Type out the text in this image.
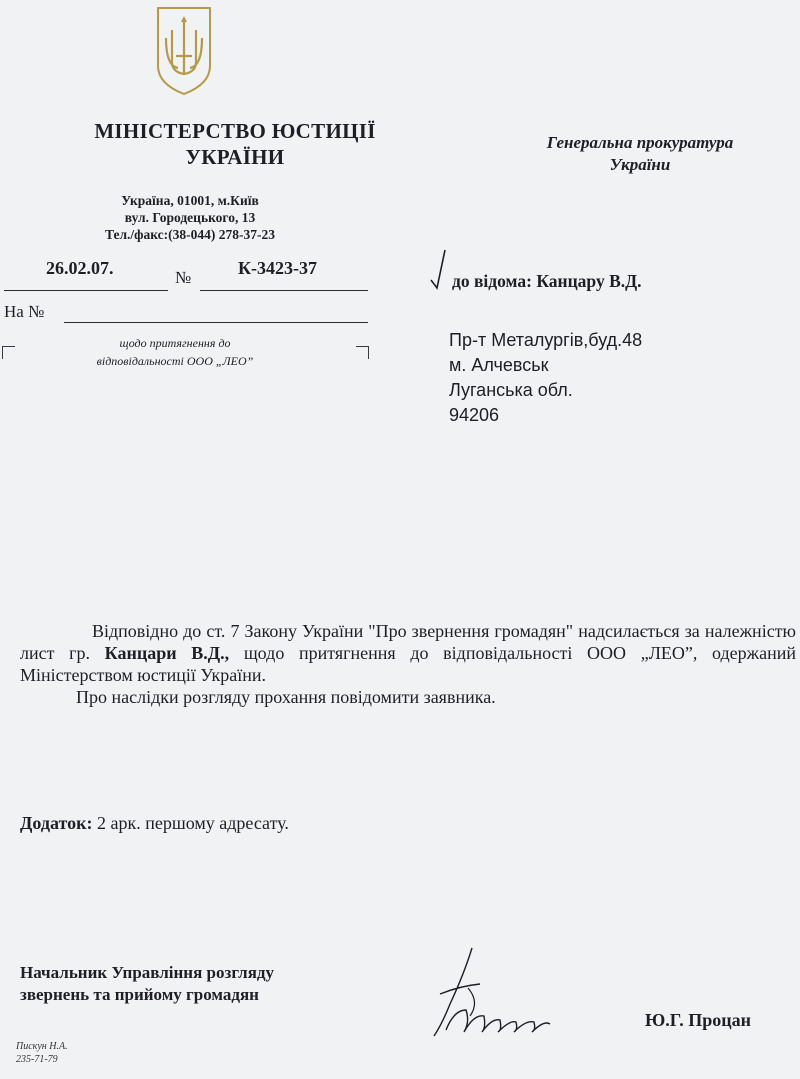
МІНІСТЕРСТВО ЮСТИЦІЇ
УКРАЇНИ
Україна, 01001, м.Київ
вул. Городецького, 13
Тел./факс:(38-044) 278-37-23
26.02.07.	№	К-3423-37
На №
щодо притягнення до
відповідальності ООО „ЛЕО”
Генеральна прокуратура
України
до відома: Канцару В.Д.
Пр-т Металургів,буд.48
м. Алчевськ
Луганська обл.
94206

Відповідно до ст. 7 Закону України "Про звернення громадян" надсилається за належністю лист гр. Канцари В.Д., щодо притягнення до відповідальності ООО „ЛЕО”, одержаний Міністерством юстиції України.

Про наслідки розгляду прохання повідомити заявника.

Додаток: 2 арк. першому адресату.
Начальник Управління розгляду
звернень та прийому громадян
Ю.Г. Процан
Пискун Н.А.
235-71-79
